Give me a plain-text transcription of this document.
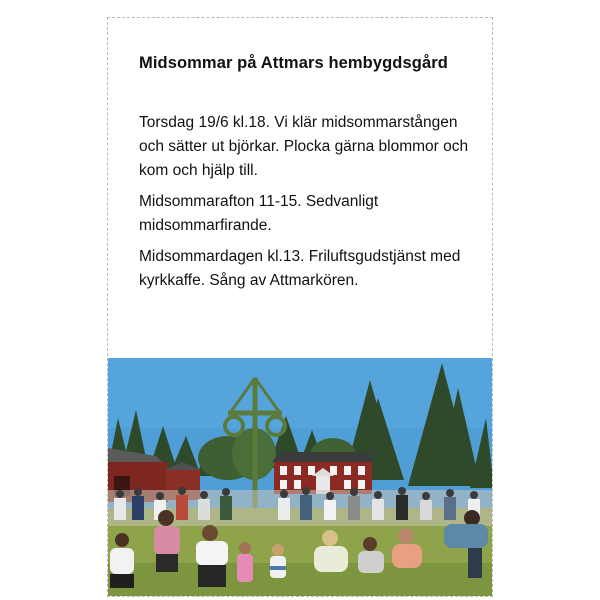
Midsommar på Attmars hembygdsgård

Torsdag 19/6 kl.18. Vi klär midsommarstången och sätter ut björkar. Plocka gärna blommor och kom och hjälp till.

Midsommarafton 11-15. Sedvanligt midsommarfirande.

Midsommardagen kl.13. Friluftsgudstjänst med kyrkkaffe. Sång av Attmarkören.
